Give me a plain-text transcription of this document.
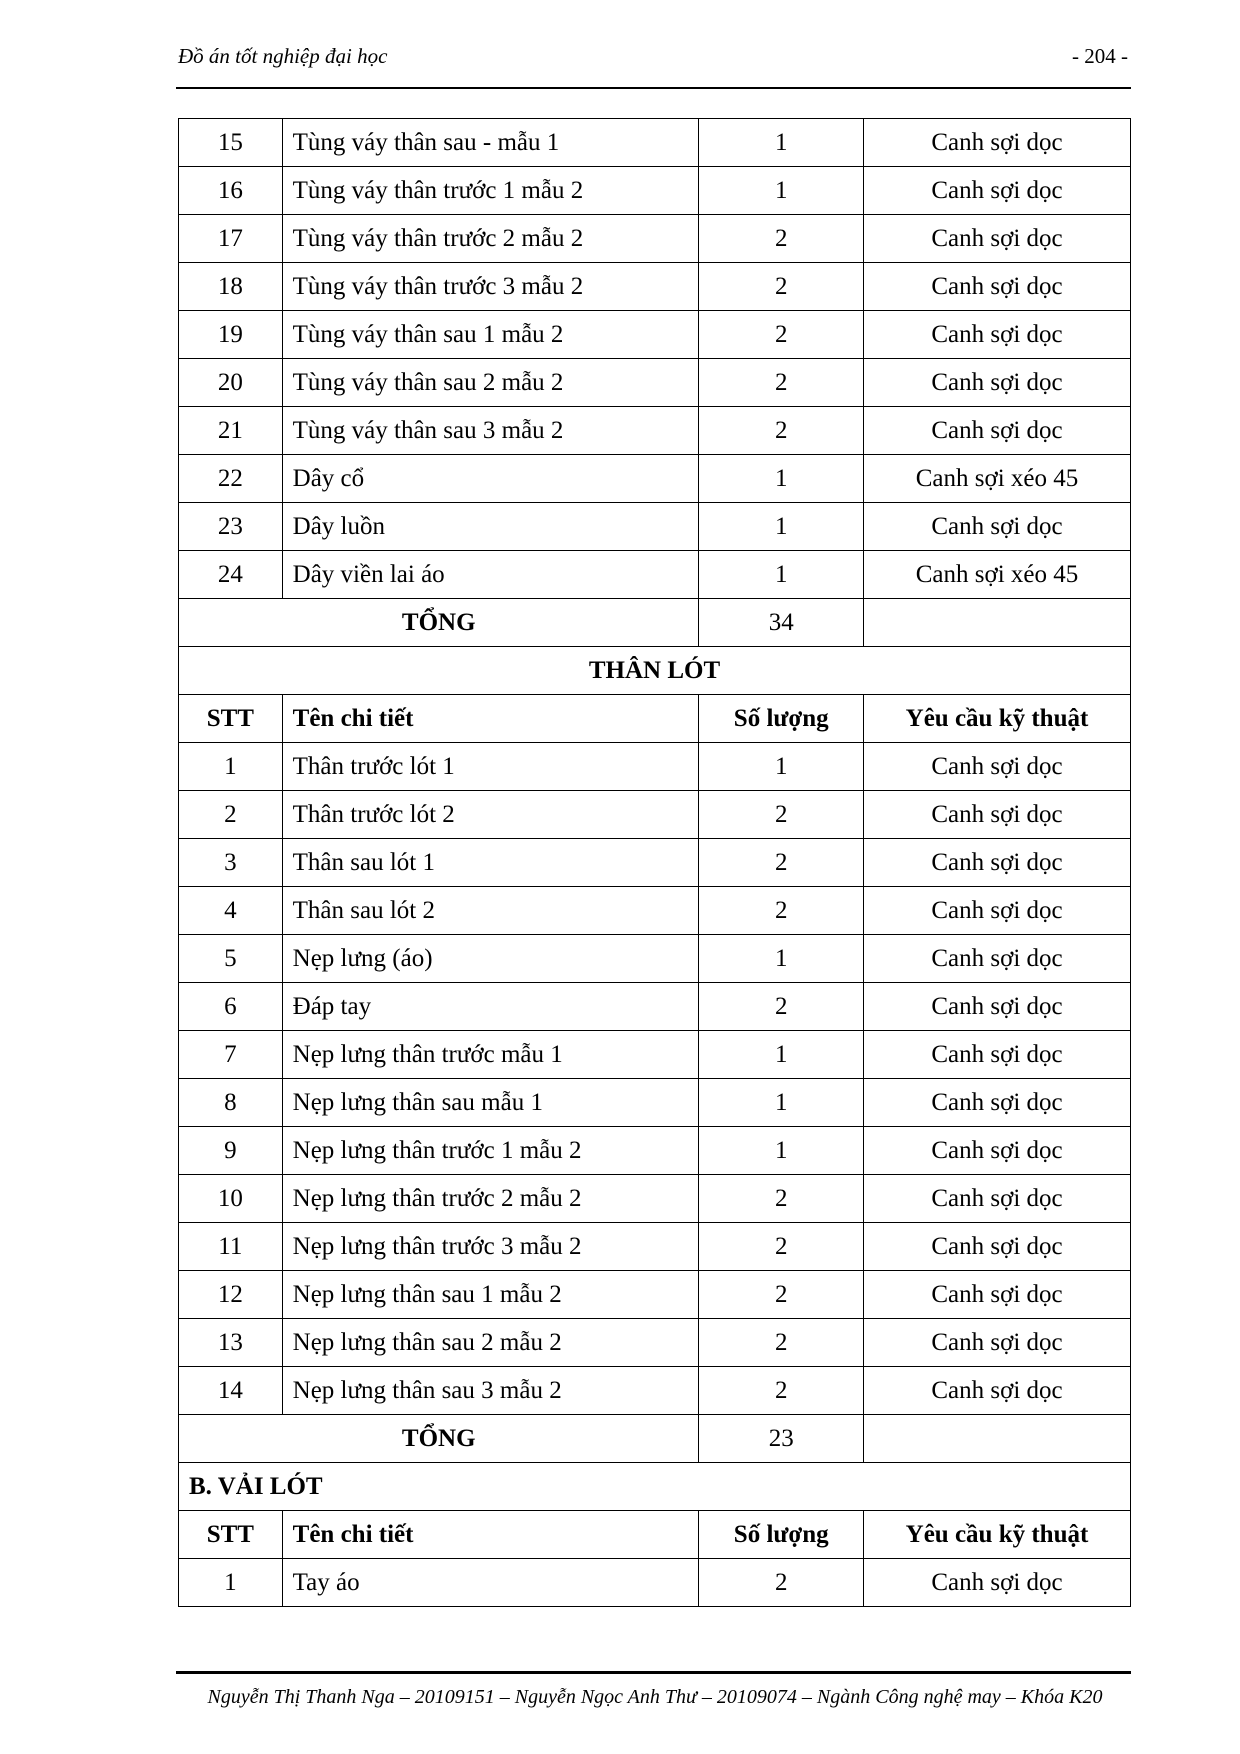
Đồ án tốt nghiệp đại học	- 204 -
15	Tùng váy thân sau - mẫu 1	1	Canh sợi dọc
16	Tùng váy thân trước 1 mẫu 2	1	Canh sợi dọc
17	Tùng váy thân trước 2 mẫu 2	2	Canh sợi dọc
18	Tùng váy thân trước 3 mẫu 2	2	Canh sợi dọc
19	Tùng váy thân sau 1 mẫu 2	2	Canh sợi dọc
20	Tùng váy thân sau 2 mẫu 2	2	Canh sợi dọc
21	Tùng váy thân sau 3 mẫu 2	2	Canh sợi dọc
22	Dây cổ	1	Canh sợi xéo 45
23	Dây luồn	1	Canh sợi dọc
24	Dây viền lai áo	1	Canh sợi xéo 45
TỔNG		34	
THÂN LÓT			
STT	Tên chi tiết	Số lượng	Yêu cầu kỹ thuật
1	Thân trước lót 1	1	Canh sợi dọc
2	Thân trước lót 2	2	Canh sợi dọc
3	Thân sau lót 1	2	Canh sợi dọc
4	Thân sau lót 2	2	Canh sợi dọc
5	Nẹp lưng (áo)	1	Canh sợi dọc
6	Đáp tay	2	Canh sợi dọc
7	Nẹp lưng thân trước mẫu 1	1	Canh sợi dọc
8	Nẹp lưng thân sau mẫu 1	1	Canh sợi dọc
9	Nẹp lưng thân trước 1 mẫu 2	1	Canh sợi dọc
10	Nẹp lưng thân trước 2 mẫu 2	2	Canh sợi dọc
11	Nẹp lưng thân trước 3 mẫu 2	2	Canh sợi dọc
12	Nẹp lưng thân sau 1 mẫu 2	2	Canh sợi dọc
13	Nẹp lưng thân sau 2 mẫu 2	2	Canh sợi dọc
14	Nẹp lưng thân sau 3 mẫu 2	2	Canh sợi dọc
TỔNG		23	
B. VẢI LÓT			
STT	Tên chi tiết	Số lượng	Yêu cầu kỹ thuật
1	Tay áo	2	Canh sợi dọc
Nguyễn Thị Thanh Nga – 20109151 – Nguyễn Ngọc Anh Thư – 20109074 – Ngành Công nghệ may – Khóa K20
